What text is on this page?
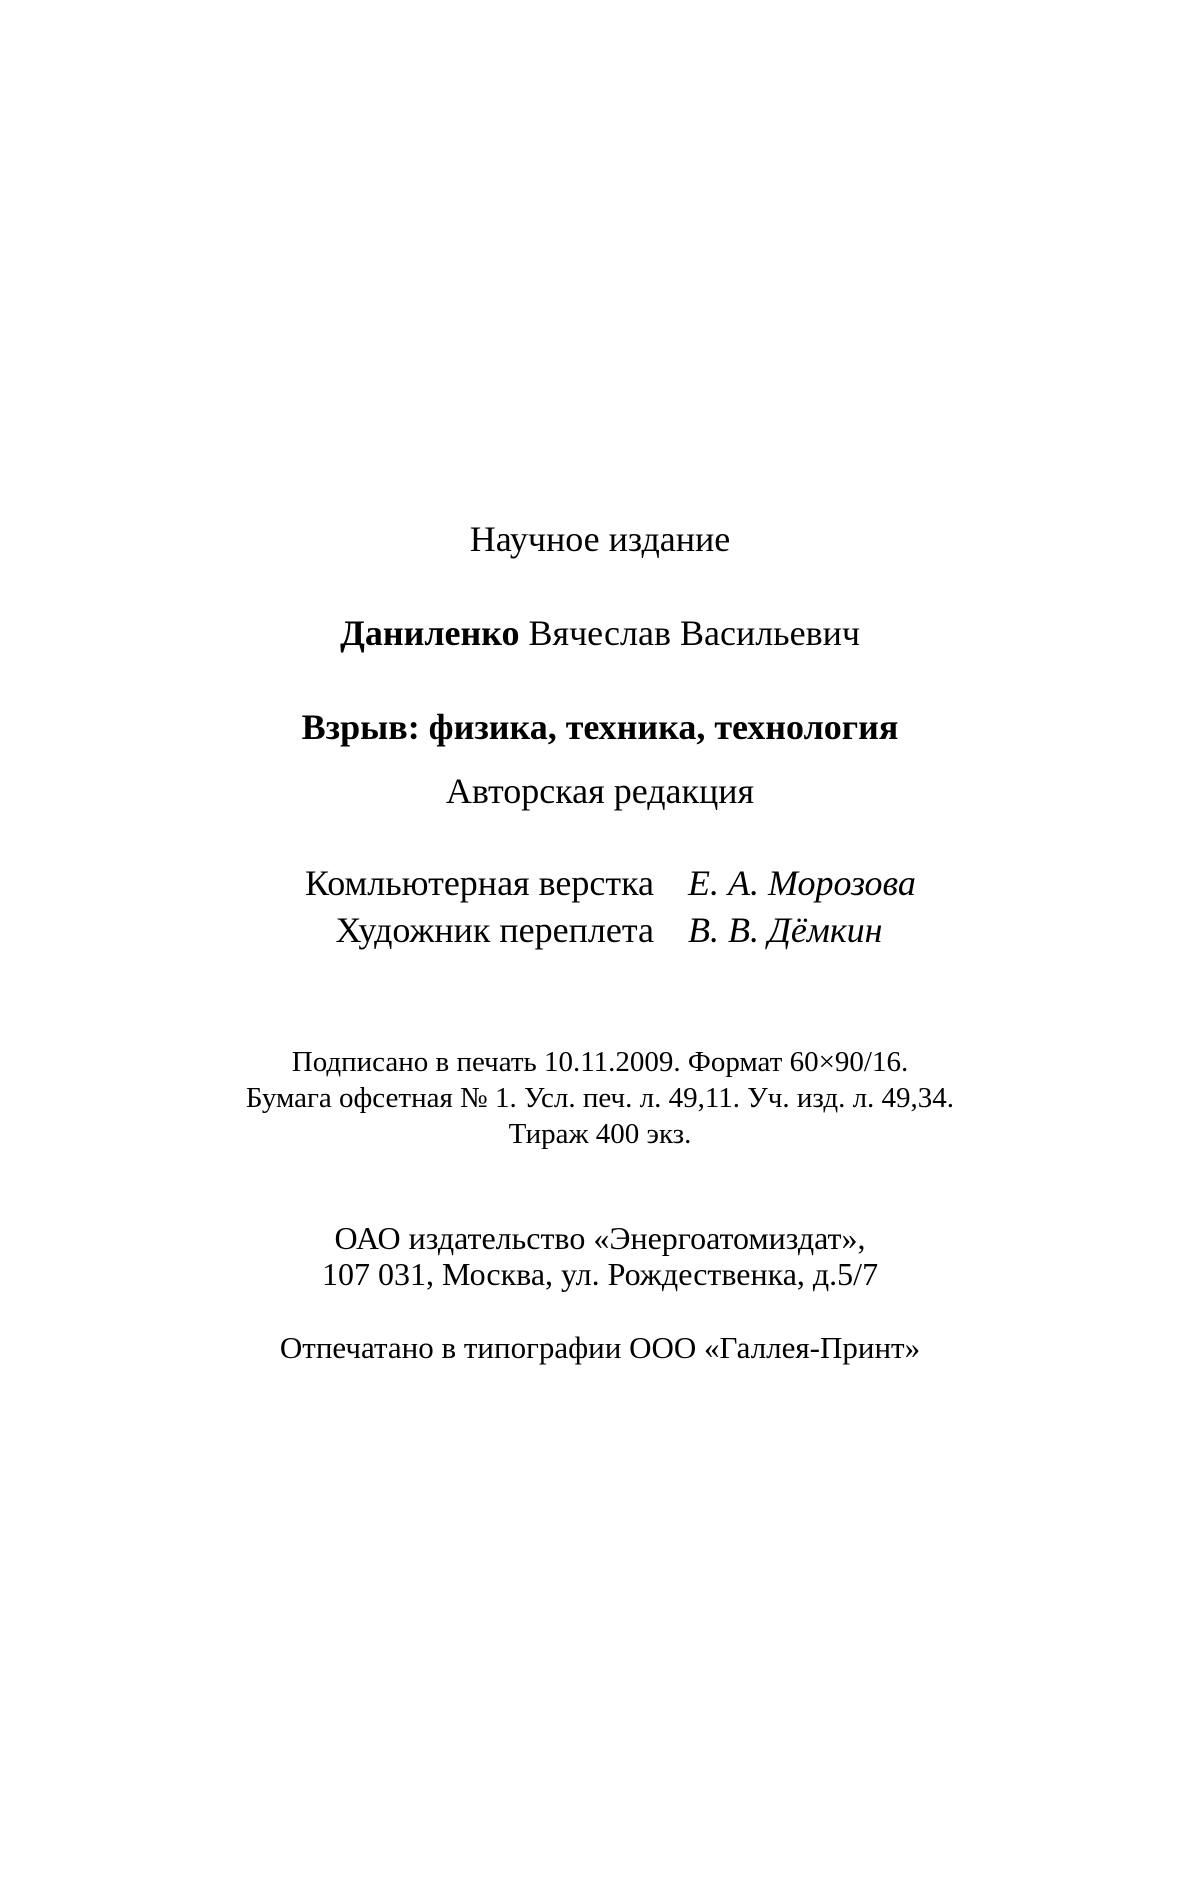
Научное издание
Даниленко Вячеслав Васильевич
Взрыв: физика, техника, технология
Авторская редакция
Комльютерная верстка Е. А. Морозова
Художник переплета В. В. Дёмкин
Подписано в печать 10.11.2009. Формат 60×90/16.
Бумага офсетная № 1. Усл. печ. л. 49,11. Уч. изд. л. 49,34.
Тираж 400 экз.
ОАО издательство «Энергоатомиздат»,
107 031, Москва, ул. Рождественка, д.5/7
Отпечатано в типографии ООО «Галлея-Принт»
